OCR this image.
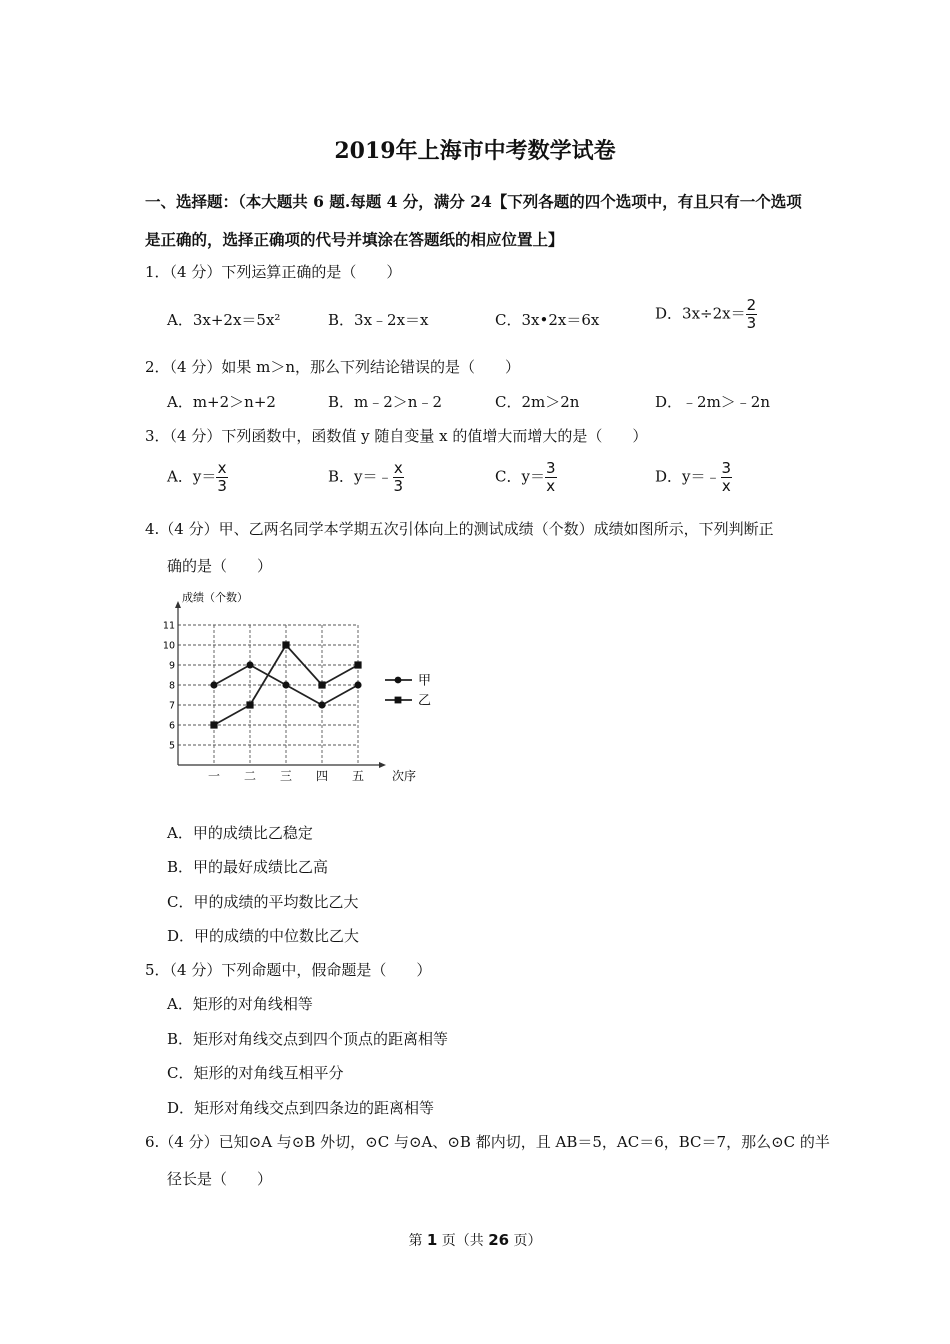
2019年上海市中考数学试卷
一、选择题：（本大题共 6 题.每题 4 分，满分 24【下列各题的四个选项中，有且只有一个选项
是正确的，选择正确项的代号并填涂在答题纸的相应位置上】
1．（4 分）下列运算正确的是（　　）
A．3x+2x＝5x²	B．3x﹣2x＝x	C．3x•2x＝6x	D．$3x\div 2x= \frac{2}{3}$
2．（4 分）如果 m＞n，那么下列结论错误的是（　　）
A．m+2＞n+2	B．m﹣2＞n﹣2	C．2m＞2n	D．﹣2m＞﹣2n
3．（4 分）下列函数中，函数值 y 随自变量 x 的值增大而增大的是（　　）
A．$y= \frac{x}{3}$	B．y＝﹣ $\frac{x}{3}$	C．$y= \frac{3}{x}$	D．y＝﹣ $\frac{3}{x}$
4.（4 分）甲、乙两名同学本学期五次引体向上的测试成绩（个数）成绩如图所示，下列判断正
确的是（　　）
5
6
7
8
9
10
11
一 二 三 四 五
甲
乙
成绩（个数）
次序
A．甲的成绩比乙稳定
B．甲的最好成绩比乙高
C．甲的成绩的平均数比乙大
D．甲的成绩的中位数比乙大
5．（4 分）下列命题中，假命题是（　　）
A．矩形的对角线相等
B．矩形对角线交点到四个顶点的距离相等
C．矩形的对角线互相平分
D．矩形对角线交点到四条边的距离相等
6.（4 分）已知⊙A 与⊙B 外切，⊙C 与⊙A、⊙B 都内切，且 AB＝5，AC＝6，BC＝7，那么⊙C 的半
径长是（　　）
第 1 页（共 26 页）
